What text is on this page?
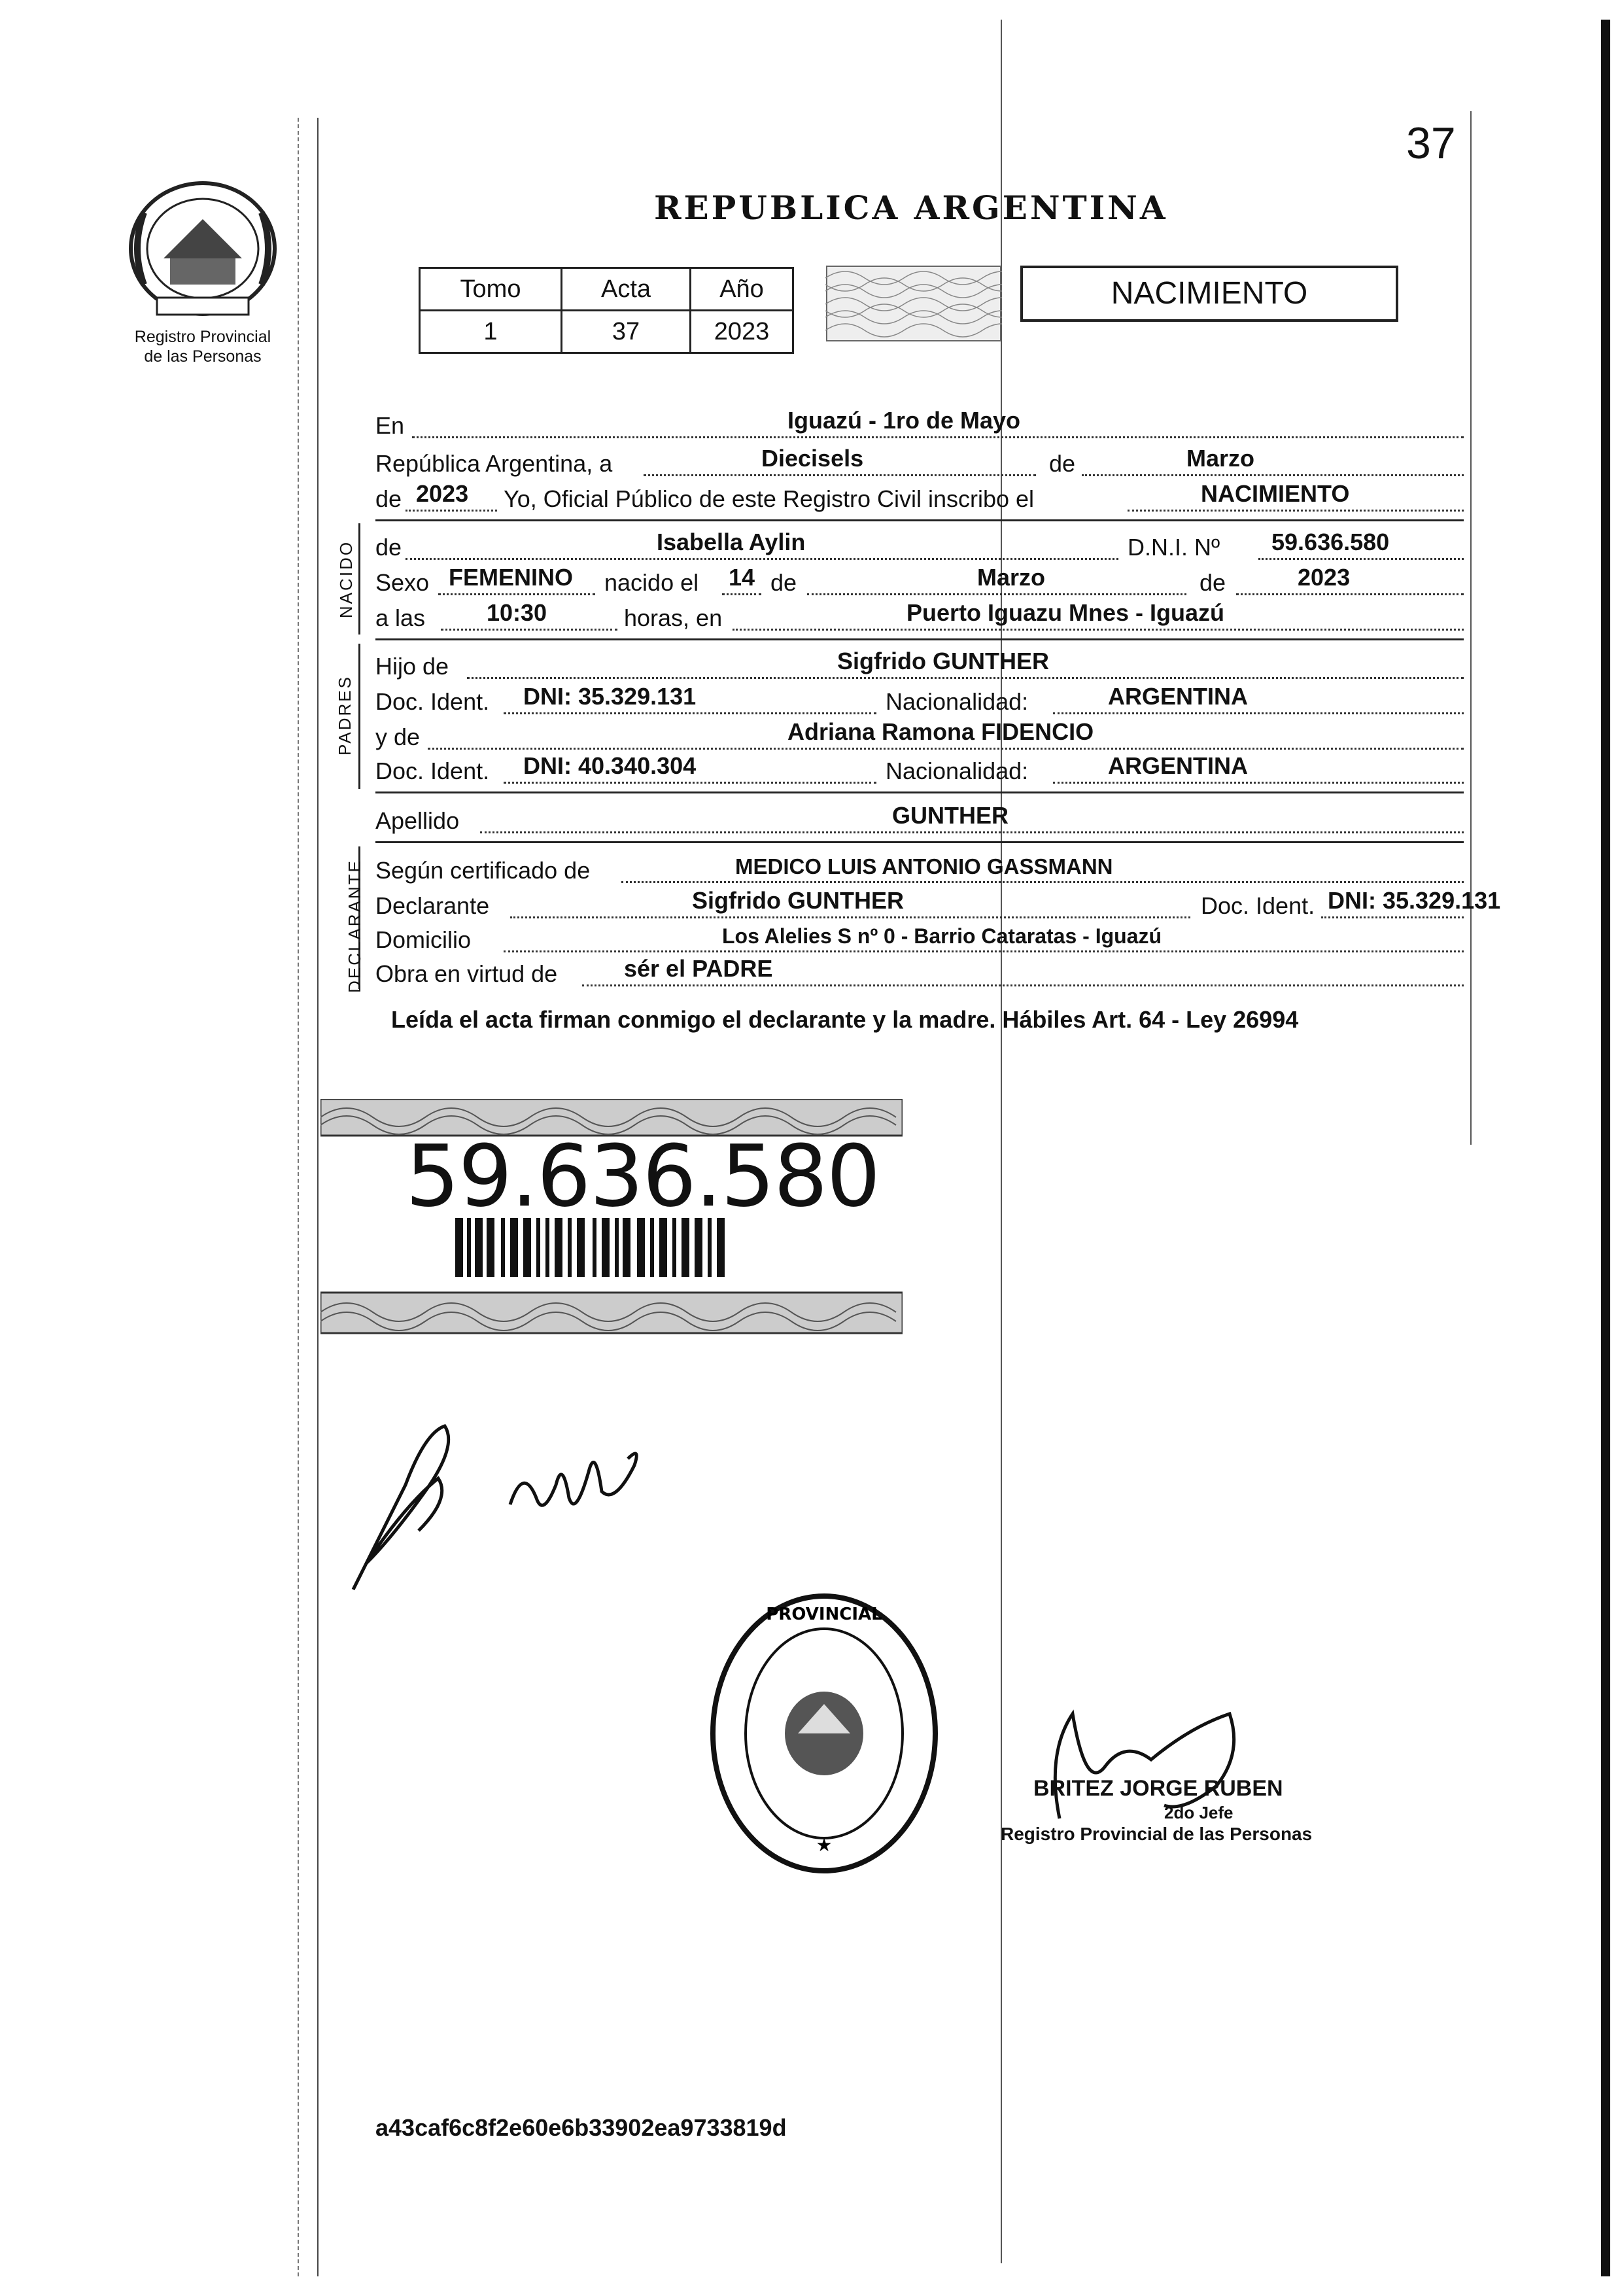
37
REPUBLICA ARGENTINA
Registro Provincial
de las Personas
Tomo	Acta	Año
1	37	2023
NACIMIENTO
En	Iguazú - 1ro de Mayo
República Argentina, a	Diecisels	de	Marzo
de 2023 Yo, Oficial Público de este Registro Civil inscribo el	NACIMIENTO
NACIDO de	Isabella Aylin	D.N.I. Nº 59.636.580
Sexo FEMENINO nacido el 14 de	Marzo	de	2023
a las	10:30	horas, en	Puerto Iguazu Mnes - Iguazú
PADRES
Hijo de	Sigfrido GUNTHER
Doc. Ident. DNI: 35.329.131	Nacionalidad:	ARGENTINA
y de	Adriana Ramona FIDENCIO
Doc. Ident. DNI: 40.340.304	Nacionalidad:	ARGENTINA
Apellido	GUNTHER
DECLARANTE Según certificado de	MEDICO LUIS ANTONIO GASSMANN
Declarante	Sigfrido GUNTHER	Doc. Ident. DNI: 35.329.131
Domicilio	Los Alelies S nº 0 - Barrio Cataratas - Iguazú
Obra en virtud de	sér el PADRE
Leída el acta firman conmigo el declarante y la madre. Hábiles Art. 64 - Ley 26994
59.636.580
PROVINCIAL
★
BRITEZ JORGE RUBEN
2do Jefe
Registro Provincial de las Personas
a43caf6c8f2e60e6b33902ea9733819d
